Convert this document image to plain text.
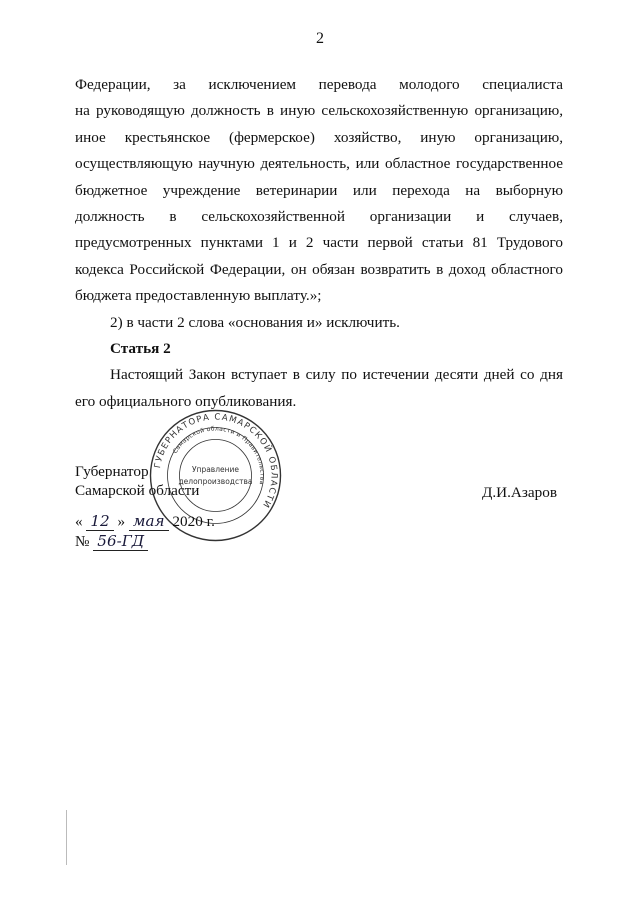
2
Федерации, за исключением перевода молодого специалиста
на руководящую должность в иную сельскохозяйственную организацию,
иное крестьянское (фермерское) хозяйство, иную организацию,
осуществляющую научную деятельность, или областное государственное
бюджетное учреждение ветеринарии или перехода на выборную
должность в сельскохозяйственной организации и случаев,
предусмотренных пунктами 1 и 2 части первой статьи 81 Трудового
кодекса Российской Федерации, он обязан возвратить в доход областного
бюджета предоставленную выплату.»;
2) в части 2 слова «основания и» исключить.
Статья 2
Настоящий Закон вступает в силу по истечении десяти дней со дня
его официального опубликования.
ГУБЕРНАТОРА САМАРСКОЙ ОБЛАСТИ
Самарской области и Правительства
Управление
делопроизводства
Губернатор
Самарской области	Д.И.Азаров
« 12 » мая 2020 г.
№ 56-ГД
